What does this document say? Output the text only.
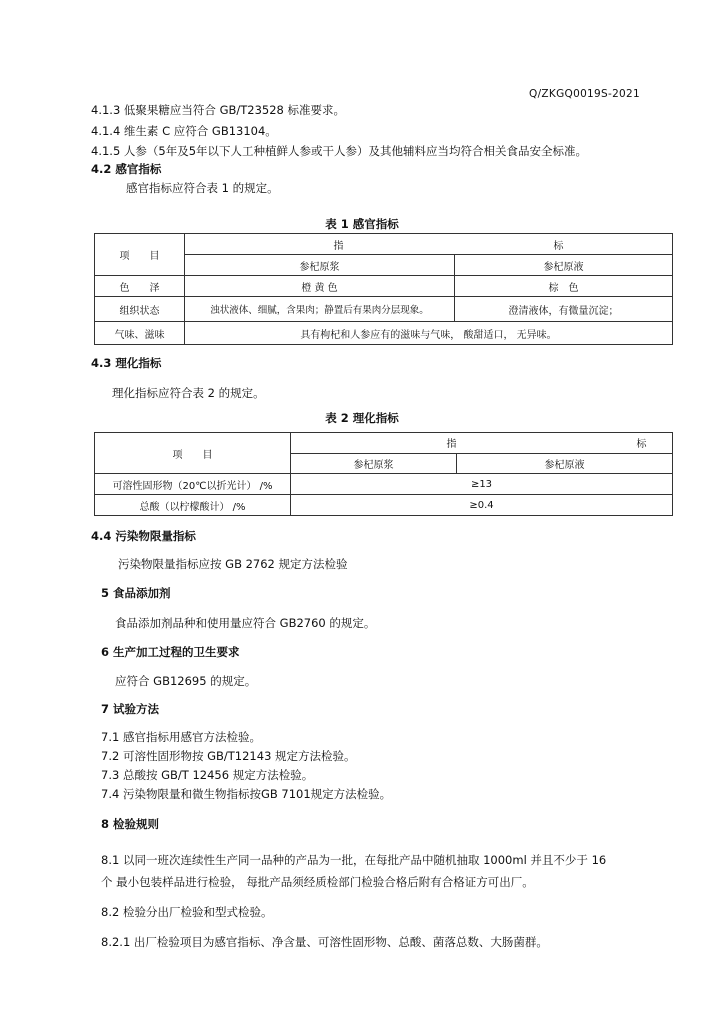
Q/ZKGQ0019S-2021
4.1.3 低聚果糖应当符合 GB/T23528 标准要求。
4.1.4 维生素 C 应符合 GB13104。
4.1.5 人参（5年及5年以下人工种植鲜人参或干人参）及其他辅料应当均符合相关食品安全标准。
4.2 感官指标
感官指标应符合表 1 的规定。
表 1 感官指标
项　　目	指 标	

	参杞原浆	参杞原液
色　　泽	橙 黄 色	棕　色
组织状态	浊状液体、细腻，含果肉；静置后有果肉分层现象。	澄清液体，有微量沉淀；
气味、滋味	具有枸杞和人参应有的滋味与气味， 酸甜适口， 无异味。	
4.3 理化指标
理化指标应符合表 2 的规定。
表 2 理化指标
项　　目	指 标	

	参杞原浆	参杞原液
可溶性固形物（20℃以折光计） /%	≥13	
总酸（以柠檬酸计） /%	≥0.4	
4.4 污染物限量指标
污染物限量指标应按 GB 2762 规定方法检验
5 食品添加剂
食品添加剂品种和使用量应符合 GB2760 的规定。
6 生产加工过程的卫生要求
应符合 GB12695 的规定。
7 试验方法
7.1 感官指标用感官方法检验。
7.2 可溶性固形物按 GB/T12143 规定方法检验。
7.3 总酸按 GB/T 12456 规定方法检验。
7.4 污染物限量和微生物指标按GB 7101规定方法检验。
8 检验规则
8.1 以同一班次连续性生产同一品种的产品为一批，在每批产品中随机抽取 1000ml 并且不少于 16
个 最小包装样品进行检验， 每批产品须经质检部门检验合格后附有合格证方可出厂。
8.2 检验分出厂检验和型式检验。
8.2.1 出厂检验项目为感官指标、净含量、可溶性固形物、总酸、菌落总数、大肠菌群。
